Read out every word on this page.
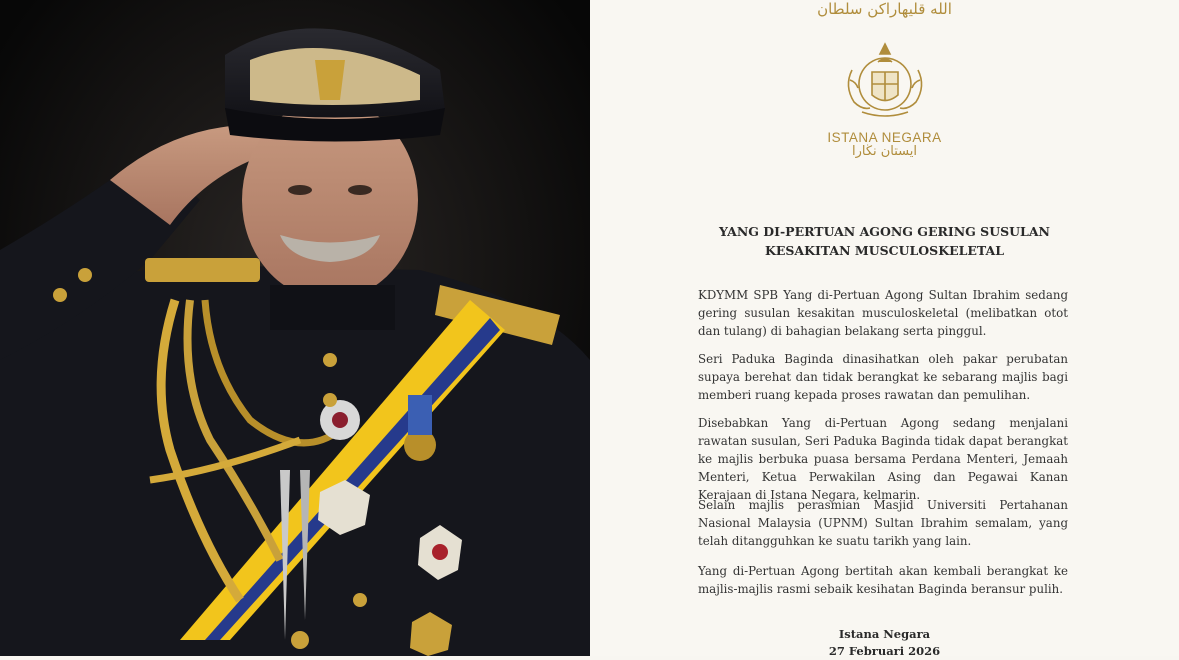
الله قليهاراكن سلطان
ISTANA NEGARA
ايستان نڬارا
YANG DI-PERTUAN AGONG GERING SUSULAN
KESAKITAN MUSCULOSKELETAL
KDYMM SPB Yang di-Pertuan Agong Sultan Ibrahim sedang gering susulan kesakitan musculoskeletal (melibatkan otot dan tulang) di bahagian belakang serta pinggul.
Seri Paduka Baginda dinasihatkan oleh pakar perubatan supaya berehat dan tidak berangkat ke sebarang majlis bagi memberi ruang kepada proses rawatan dan pemulihan.
Disebabkan Yang di-Pertuan Agong sedang menjalani rawatan susulan, Seri Paduka Baginda tidak dapat berangkat ke majlis berbuka puasa bersama Perdana Menteri, Jemaah Menteri, Ketua Perwakilan Asing dan Pegawai Kanan Kerajaan di Istana Negara, kelmarin.
Selain majlis perasmian Masjid Universiti Pertahanan Nasional Malaysia (UPNM) Sultan Ibrahim semalam, yang telah ditangguhkan ke suatu tarikh yang lain.
Yang di-Pertuan Agong bertitah akan kembali berangkat ke majlis-majlis rasmi sebaik kesihatan Baginda beransur pulih.
Istana Negara
27 Februari 2026
